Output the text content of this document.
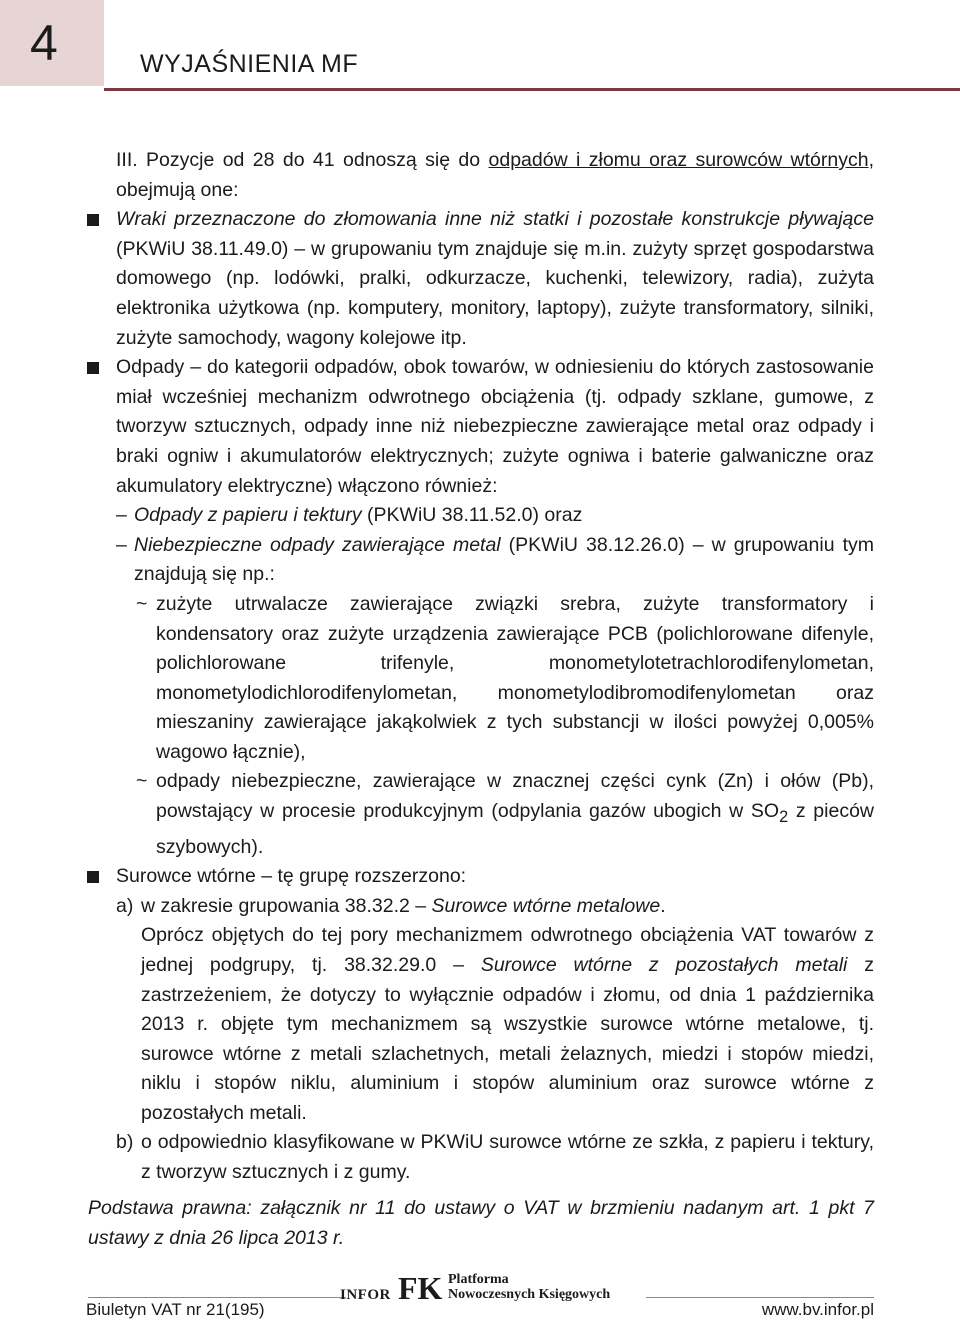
4	WYJAŚNIENIA MF

III. Pozycje od 28 do 41 odnoszą się do odpadów i złomu oraz surowców wtórnych, obejmują one:

Wraki przeznaczone do złomowania inne niż statki i pozostałe konstrukcje pływające (PKWiU 38.11.49.0) – w grupowaniu tym znajduje się m.in. zużyty sprzęt gospodarstwa domowego (np. lodówki, pralki, odkurzacze, kuchenki, telewizory, radia), zużyta elektronika użytkowa (np. komputery, monitory, laptopy), zużyte transformatory, silniki, zużyte samochody, wagony kolejowe itp.

Odpady – do kategorii odpadów, obok towarów, w odniesieniu do których zastosowanie miał wcześniej mechanizm odwrotnego obciążenia (tj. odpady szklane, gumowe, z tworzyw sztucznych, odpady inne niż niebezpieczne zawierające metal oraz odpady i braki ogniw i akumulatorów elektrycznych; zużyte ogniwa i baterie galwaniczne oraz akumulatory elektryczne) włączono również:

– Odpady z papieru i tektury (PKWiU 38.11.52.0) oraz
– Niebezpieczne odpady zawierające metal (PKWiU 38.12.26.0) – w grupowaniu tym znajdują się np.:
~ zużyte utrwalacze zawierające związki srebra, zużyte transformatory i kondensatory oraz zużyte urządzenia zawierające PCB (polichlorowane difenyle, polichlorowane trifenyle, monometylotetrachlorodifenylometan, monometylodichlorodifenylometan, monometylodibromodifenylometan oraz mieszaniny zawierające jakąkolwiek z tych substancji w ilości powyżej 0,005% wagowo łącznie),
~ odpady niebezpieczne, zawierające w znacznej części cynk (Zn) i ołów (Pb), powstający w procesie produkcyjnym (odpylania gazów ubogich w $SO_2$ z pieców szybowych).

Surowce wtórne – tę grupę rozszerzono:

a) w zakresie grupowania 38.32.2 – Surowce wtórne metalowe.

Oprócz objętych do tej pory mechanizmem odwrotnego obciążenia VAT towarów z jednej podgrupy, tj. 38.32.29.0 – Surowce wtórne z pozostałych metali z zastrzeżeniem, że dotyczy to wyłącznie odpadów i złomu, od dnia 1 października 2013 r. objęte tym mechanizmem są wszystkie surowce wtórne metalowe, tj. surowce wtórne z metali szlachetnych, metali żelaznych, miedzi i stopów miedzi, niklu i stopów niklu, aluminium i stopów aluminium oraz surowce wtórne z pozostałych metali.

b) o odpowiednio klasyfikowane w PKWiU surowce wtórne ze szkła, z papieru i tektury, z tworzyw sztucznych i z gumy.

Podstawa prawna: załącznik nr 11 do ustawy o VAT w brzmieniu nadanym art. 1 pkt 7 ustawy z dnia 26 lipca 2013 r.

INFOR FK Platforma
Nowoczesnych Księgowych
Biuletyn VAT nr 21(195)	www.bv.infor.pl
